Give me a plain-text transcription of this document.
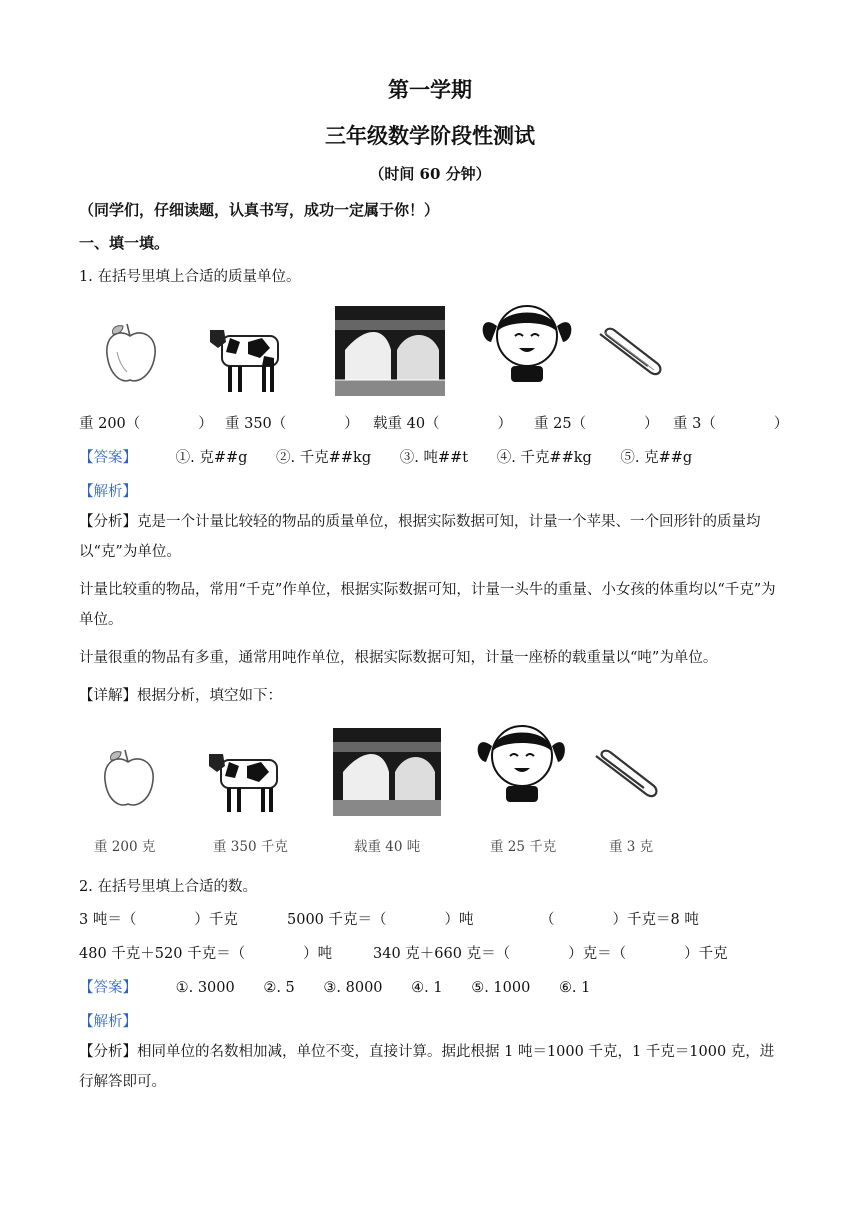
第一学期
三年级数学阶段性测试
（时间 60 分钟）
（同学们，仔细读题，认真书写，成功一定属于你！）
一、填一填。
1. 在括号里填上合适的质量单位。
重 200（　　　　） 重 350（　　　　） 载重 40（　　　　） 重 25（　　　　） 重 3（　　　　）
【答案】	①. 克##g ②. 千克##kg ③. 吨##t ④. 千克##kg ⑤. 克##g
【解析】
【分析】克是一个计量比较轻的物品的质量单位，根据实际数据可知，计量一个苹果、一个回形针的质量均以“克”为单位。
计量比较重的物品，常用“千克”作单位，根据实际数据可知，计量一头牛的重量、小女孩的体重均以“千克”为单位。
计量很重的物品有多重，通常用吨作单位，根据实际数据可知，计量一座桥的载重量以“吨”为单位。
【详解】根据分析，填空如下：
重 200 克	重 350 千克	载重 40 吨	重 25 千克	重 3 克
2. 在括号里填上合适的数。
3 吨＝（　　　　）千克	5000 千克＝（　　　　）吨	（　　　　）千克＝8 吨
480 千克＋520 千克＝（　　　　）吨	340 克＋660 克＝（　　　　）克＝（　　　　）千克
【答案】	①. 3000 ②. 5 ③. 8000 ④. 1 ⑤. 1000 ⑥. 1
【解析】
【分析】相同单位的名数相加减，单位不变，直接计算。据此根据 1 吨＝1000 千克，1 千克＝1000 克，进行解答即可。
